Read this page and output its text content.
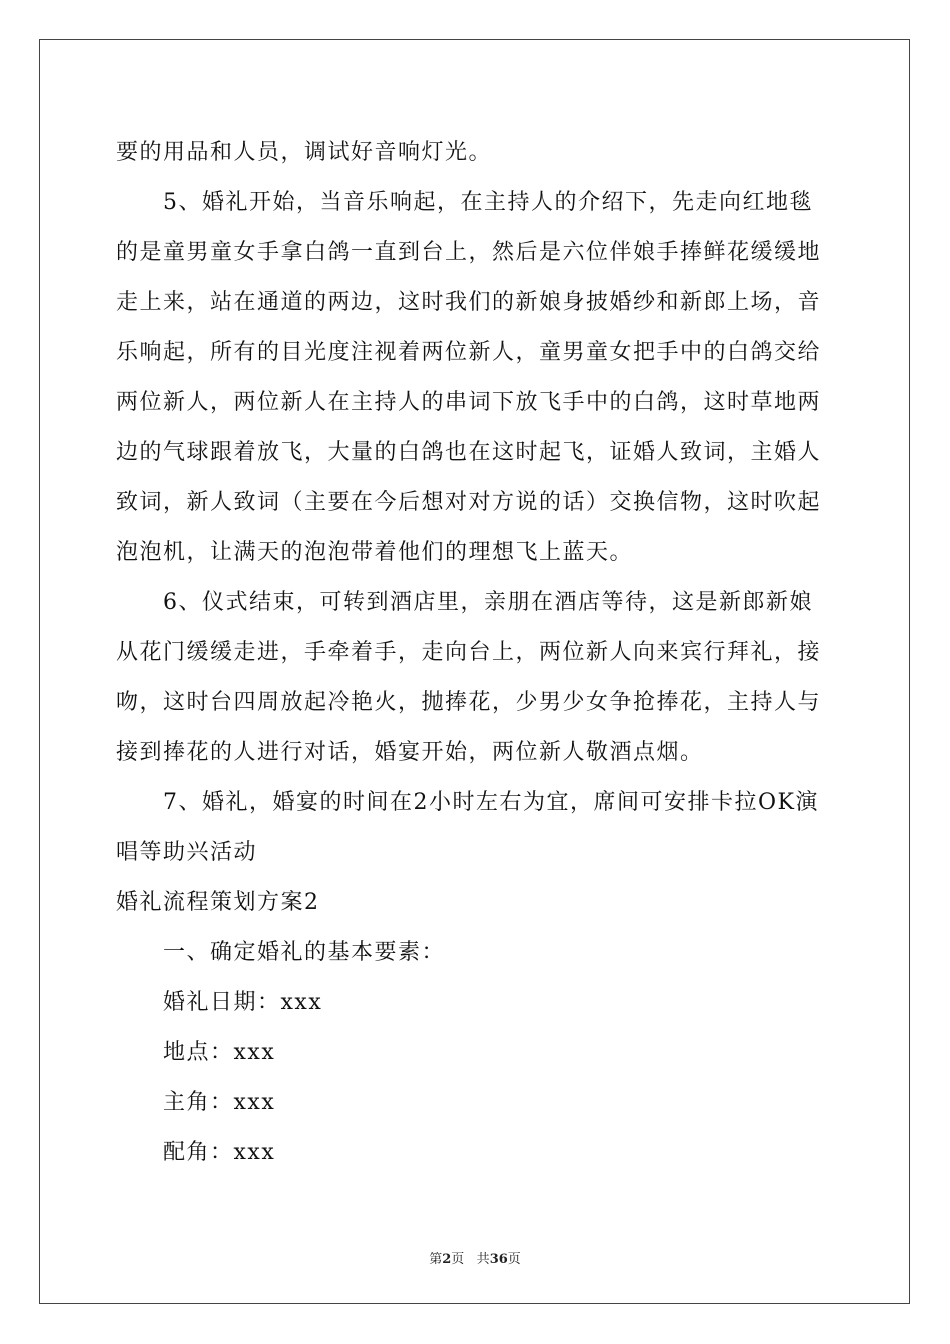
要的用品和人员，调试好音响灯光。
5、婚礼开始，当音乐响起，在主持人的介绍下，先走向红地毯
的是童男童女手拿白鸽一直到台上，然后是六位伴娘手捧鲜花缓缓地
走上来，站在通道的两边，这时我们的新娘身披婚纱和新郎上场，音
乐响起，所有的目光度注视着两位新人，童男童女把手中的白鸽交给
两位新人，两位新人在主持人的串词下放飞手中的白鸽，这时草地两
边的气球跟着放飞，大量的白鸽也在这时起飞，证婚人致词，主婚人
致词，新人致词（主要在今后想对对方说的话）交换信物，这时吹起
泡泡机，让满天的泡泡带着他们的理想飞上蓝天。
6、仪式结束，可转到酒店里，亲朋在酒店等待，这是新郎新娘
从花门缓缓走进，手牵着手，走向台上，两位新人向来宾行拜礼，接
吻，这时台四周放起冷艳火，抛捧花，少男少女争抢捧花，主持人与
接到捧花的人进行对话，婚宴开始，两位新人敬酒点烟。
7、婚礼，婚宴的时间在2小时左右为宜，席间可安排卡拉OK演
唱等助兴活动
婚礼流程策划方案2
一、确定婚礼的基本要素：
婚礼日期：xxx
地点：xxx
主角：xxx
配角：xxx
第2页 共36页
